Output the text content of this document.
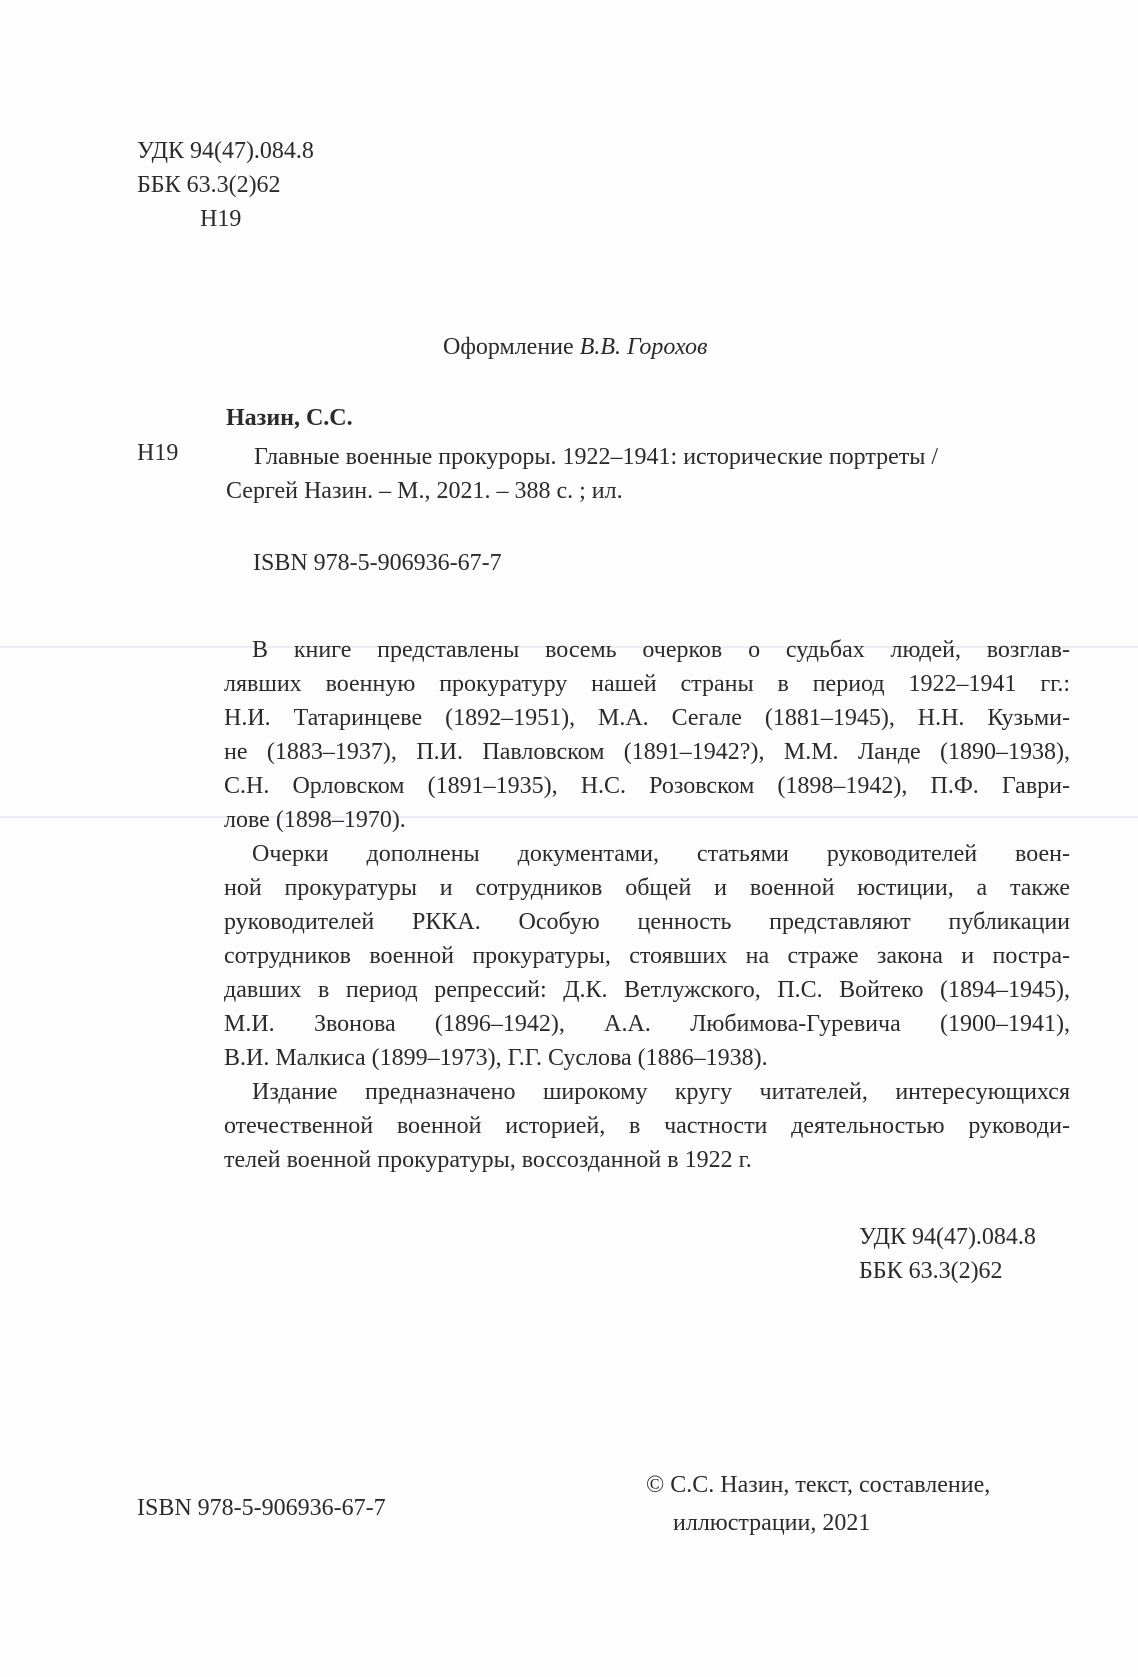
УДК 94(47).084.8
ББК 63.3(2)62
Н19
Оформление В.В. Горохов
Назин, С.С.
Н19	Главные военные прокуроры. 1922–1941: исторические портреты /
Сергей Назин. – М., 2021. – 388 с. ; ил.
ISBN 978-5-906936-67-7
В книге представлены восемь очерков о судьбах людей, возглав-
лявших военную прокуратуру нашей страны в период 1922–1941 гг.:
Н.И. Татаринцеве (1892–1951), М.А. Сегале (1881–1945), Н.Н. Кузьми-
не (1883–1937), П.И. Павловском (1891–1942?), М.М. Ланде (1890–1938),
С.Н. Орловском (1891–1935), Н.С. Розовском (1898–1942), П.Ф. Гаври-
лове (1898–1970).
Очерки дополнены документами, статьями руководителей воен-
ной прокуратуры и сотрудников общей и военной юстиции, а также
руководителей РККА. Особую ценность представляют публикации
сотрудников военной прокуратуры, стоявших на страже закона и постра-
давших в период репрессий: Д.К. Ветлужского, П.С. Войтеко (1894–1945),
М.И. Звонова (1896–1942), А.А. Любимова-Гуревича (1900–1941),
В.И. Малкиса (1899–1973), Г.Г. Суслова (1886–1938).
Издание предназначено широкому кругу читателей, интересующихся
отечественной военной историей, в частности деятельностью руководи-
телей военной прокуратуры, воссозданной в 1922 г.
УДК 94(47).084.8
ББК 63.3(2)62
ISBN 978-5-906936-67-7
© С.С. Назин, текст, составление,
иллюстрации, 2021
